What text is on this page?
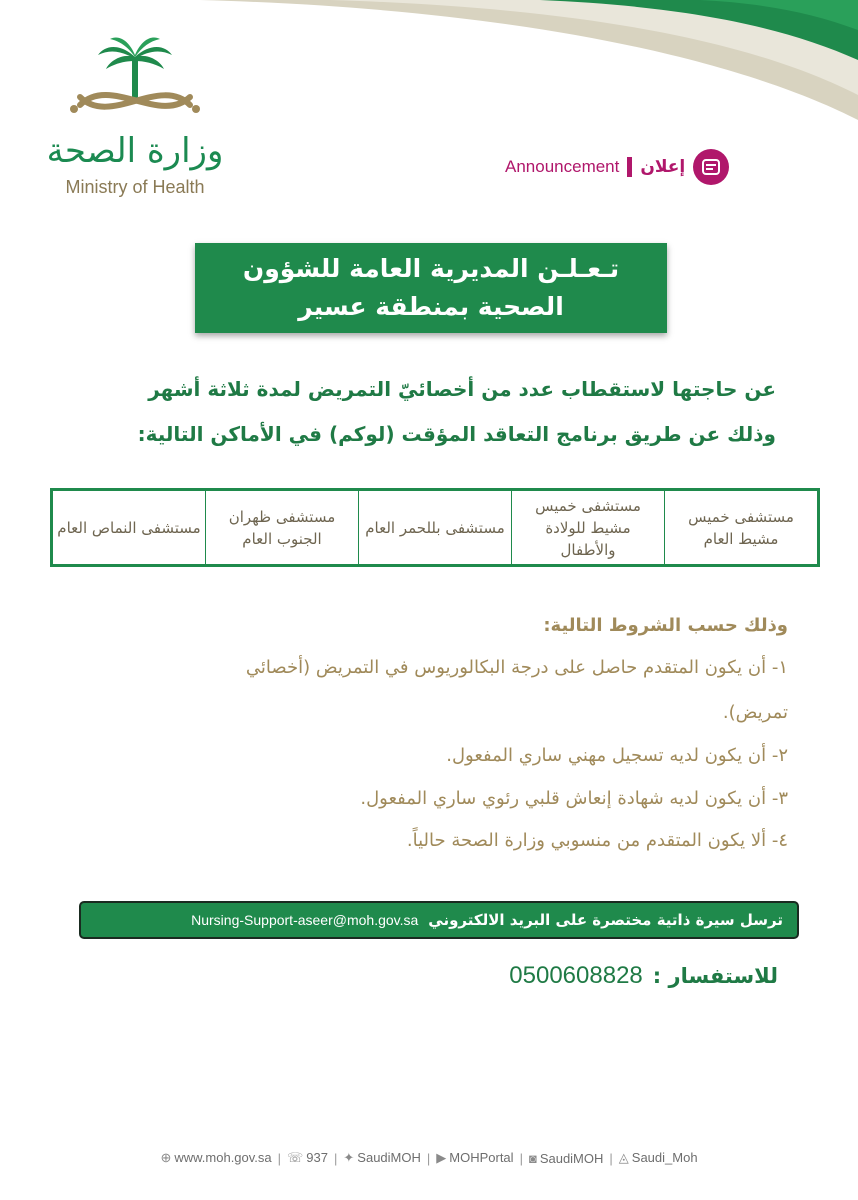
وزارة الصحة
Ministry of Health
Announcement إعلان
تـعـلـن المديرية العامة للشؤون
الصحية بمنطقة عسير
عن حاجتها لاستقطاب عدد من أخصائيّ التمريض لمدة ثلاثة أشهر
وذلك عن طريق برنامج التعاقد المؤقت (لوكم) في الأماكن التالية:
مستشفى خميس مشيط العام
مستشفى خميس مشيط للولادة والأطفال
مستشفى بللحمر العام
مستشفى ظهران الجنوب العام
مستشفى النماص العام
وذلك حسب الشروط التالية:
١- أن يكون المتقدم حاصل على درجة البكالوريوس في التمريض (أخصائي
تمريض).
٢- أن يكون لديه تسجيل مهني ساري المفعول.
٣- أن يكون لديه شهادة إنعاش قلبي رئوي ساري المفعول.
٤- ألا يكون المتقدم من منسوبي وزارة الصحة حالياً.
Nursing-Support-aseer@moh.gov.sa ترسل سيرة ذاتية مختصرة على البريد الالكتروني
0500608828 للاستفسار :
⊕ www.moh.gov.sa | ☏ 937 | ✦ SaudiMOH | ▶ MOHPortal | ◙ SaudiMOH | ◬ Saudi_Moh
